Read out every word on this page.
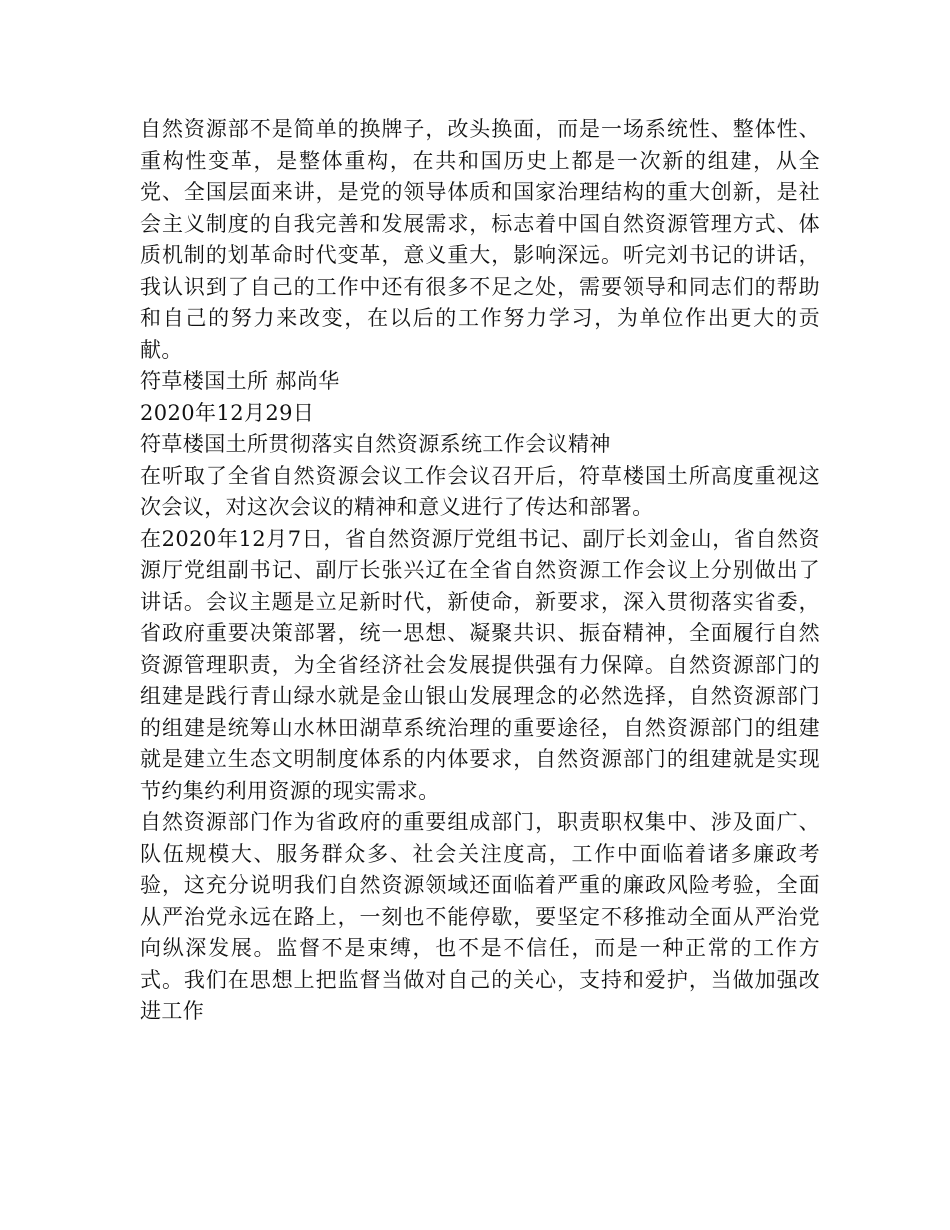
自然资源部不是简单的换牌子，改头换面，而是一场系统性、整体性、重构性变革，是整体重构，在共和国历史上都是一次新的组建，从全党、全国层面来讲，是党的领导体质和国家治理结构的重大创新，是社会主义制度的自我完善和发展需求，标志着中国自然资源管理方式、体质机制的划革命时代变革，意义重大，影响深远。听完刘书记的讲话，我认识到了自己的工作中还有很多不足之处，需要领导和同志们的帮助和自己的努力来改变，在以后的工作努力学习，为单位作出更大的贡献。

符草楼国土所 郝尚华

2020年12月29日

符草楼国土所贯彻落实自然资源系统工作会议精神

在听取了全省自然资源会议工作会议召开后，符草楼国土所高度重视这次会议，对这次会议的精神和意义进行了传达和部署。

在2020年12月7日，省自然资源厅党组书记、副厅长刘金山，省自然资源厅党组副书记、副厅长张兴辽在全省自然资源工作会议上分别做出了讲话。会议主题是立足新时代，新使命，新要求，深入贯彻落实省委，省政府重要决策部署，统一思想、凝聚共识、振奋精神，全面履行自然资源管理职责，为全省经济社会发展提供强有力保障。自然资源部门的组建是践行青山绿水就是金山银山发展理念的必然选择，自然资源部门的组建是统筹山水林田湖草系统治理的重要途径，自然资源部门的组建就是建立生态文明制度体系的内体要求，自然资源部门的组建就是实现节约集约利用资源的现实需求。

自然资源部门作为省政府的重要组成部门，职责职权集中、涉及面广、队伍规模大、服务群众多、社会关注度高，工作中面临着诸多廉政考验，这充分说明我们自然资源领域还面临着严重的廉政风险考验，全面从严治党永远在路上，一刻也不能停歇，要坚定不移推动全面从严治党向纵深发展。监督不是束缚，也不是不信任，而是一种正常的工作方式。我们在思想上把监督当做对自己的关心，支持和爱护，当做加强改进工作
